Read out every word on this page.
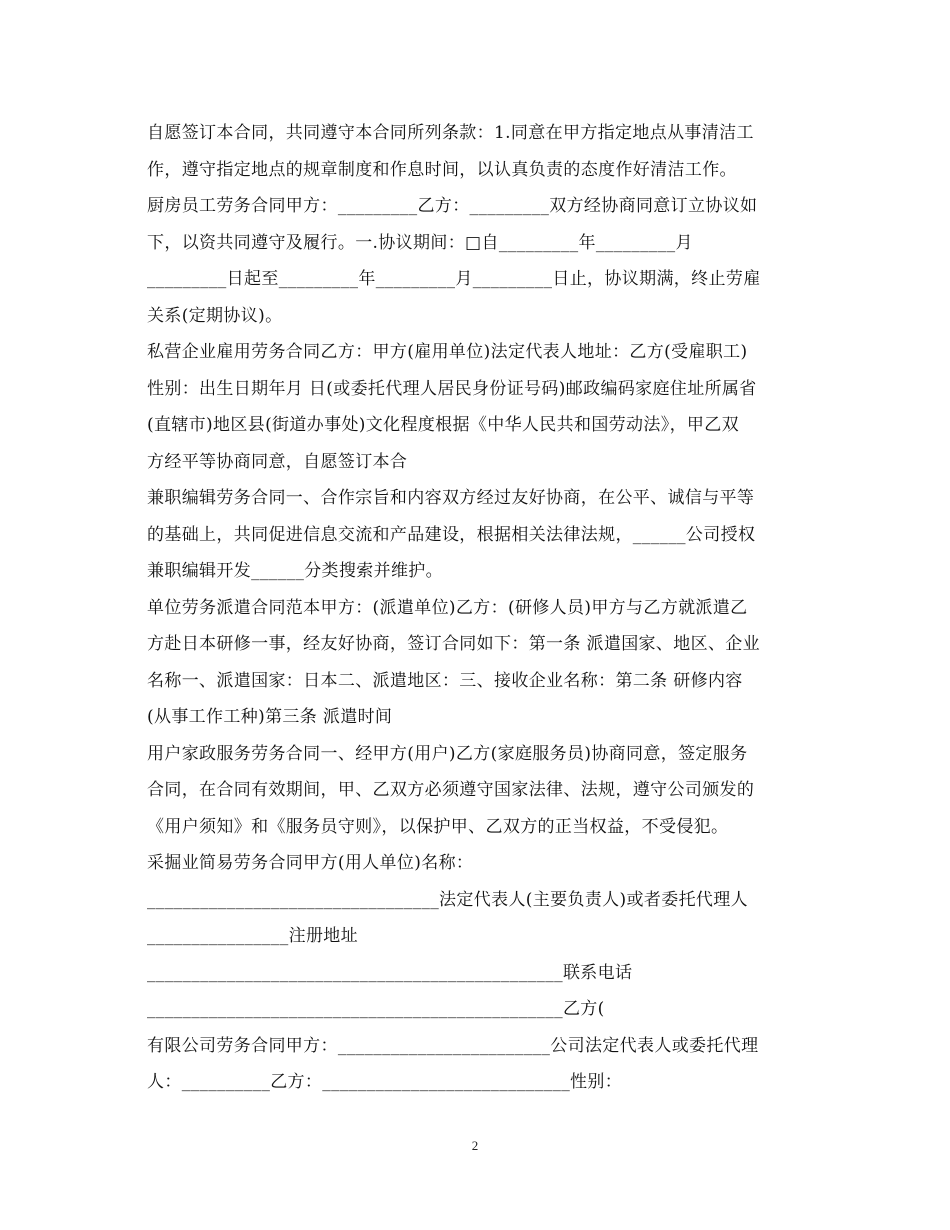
自愿签订本合同，共同遵守本合同所列条款：1.同意在甲方指定地点从事清洁工
作，遵守指定地点的规章制度和作息时间，以认真负责的态度作好清洁工作。
厨房员工劳务合同甲方：_________乙方：_________双方经协商同意订立协议如
下，以资共同遵守及履行。一.协议期间：□自_________年_________月
_________日起至_________年_________月_________日止，协议期满，终止劳雇
关系(定期协议)。
私营企业雇用劳务合同乙方：甲方(雇用单位)法定代表人地址：乙方(受雇职工)
性别：出生日期年月 日(或委托代理人居民身份证号码)邮政编码家庭住址所属省
(直辖市)地区县(街道办事处)文化程度根据《中华人民共和国劳动法》，甲乙双
方经平等协商同意，自愿签订本合
兼职编辑劳务合同一、合作宗旨和内容双方经过友好协商，在公平、诚信与平等
的基础上，共同促进信息交流和产品建设，根据相关法律法规，______公司授权
兼职编辑开发______分类搜索并维护。
单位劳务派遣合同范本甲方：(派遣单位)乙方：(研修人员)甲方与乙方就派遣乙
方赴日本研修一事，经友好协商，签订合同如下：第一条 派遣国家、地区、企业
名称一、派遣国家：日本二、派遣地区：三、接收企业名称：第二条 研修内容
(从事工作工种)第三条 派遣时间
用户家政服务劳务合同一、经甲方(用户)乙方(家庭服务员)协商同意，签定服务
合同，在合同有效期间，甲、乙双方必须遵守国家法律、法规，遵守公司颁发的
《用户须知》和《服务员守则》，以保护甲、乙双方的正当权益，不受侵犯。
采掘业简易劳务合同甲方(用人单位)名称：
_________________________________法定代表人(主要负责人)或者委托代理人
________________注册地址
_______________________________________________联系电话
_______________________________________________乙方(
有限公司劳务合同甲方：________________________公司法定代表人或委托代理
人：__________乙方：____________________________性别：
2
